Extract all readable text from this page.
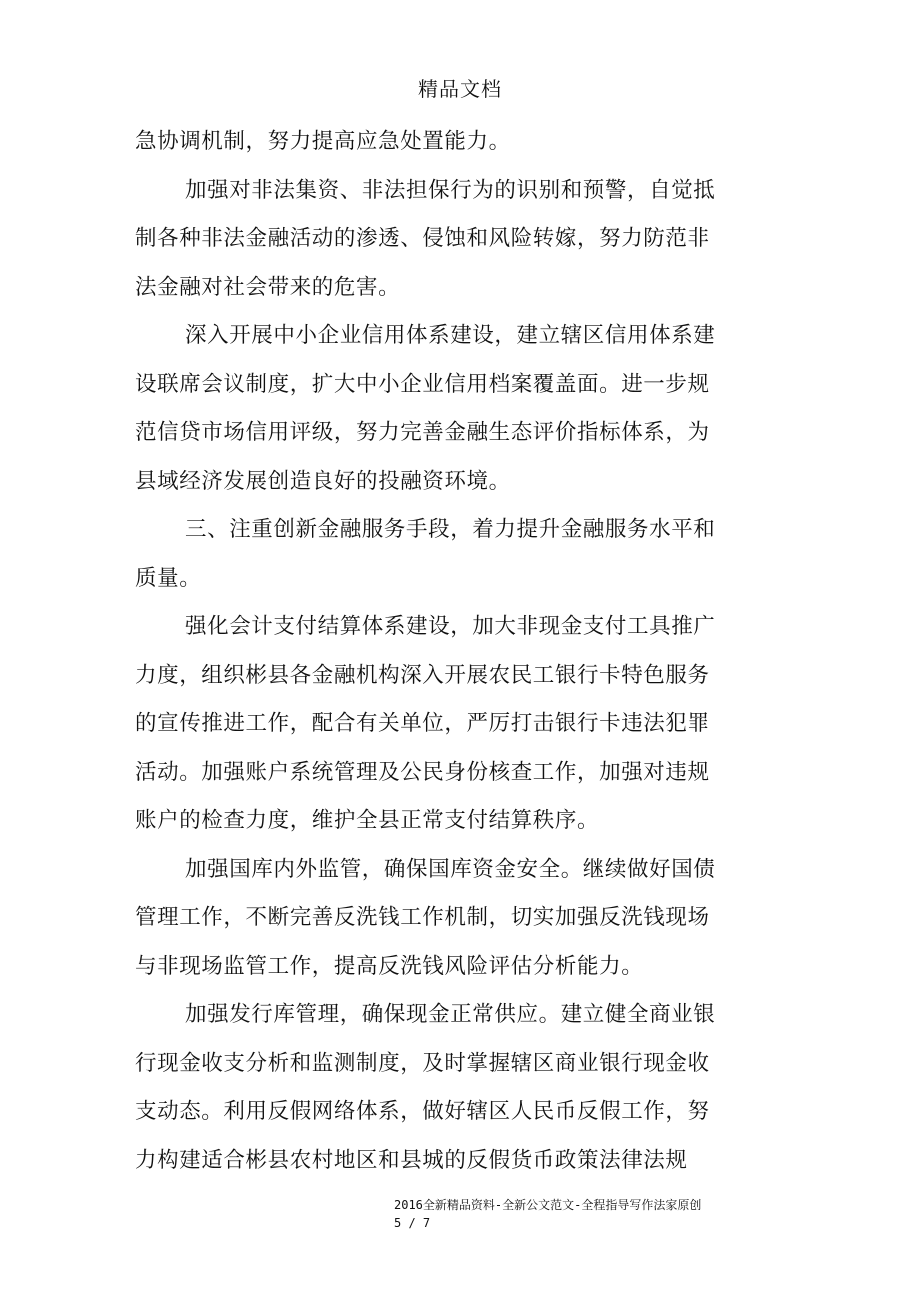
精品文档
急协调机制，努力提高应急处置能力。
加强对非法集资、非法担保行为的识别和预警，自觉抵
制各种非法金融活动的渗透、侵蚀和风险转嫁，努力防范非
法金融对社会带来的危害。
深入开展中小企业信用体系建设，建立辖区信用体系建
设联席会议制度，扩大中小企业信用档案覆盖面。进一步规
范信贷市场信用评级，努力完善金融生态评价指标体系，为
县域经济发展创造良好的投融资环境。
三、注重创新金融服务手段，着力提升金融服务水平和
质量。
强化会计支付结算体系建设，加大非现金支付工具推广
力度，组织彬县各金融机构深入开展农民工银行卡特色服务
的宣传推进工作，配合有关单位，严厉打击银行卡违法犯罪
活动。加强账户系统管理及公民身份核查工作，加强对违规
账户的检查力度，维护全县正常支付结算秩序。
加强国库内外监管，确保国库资金安全。继续做好国债
管理工作，不断完善反洗钱工作机制，切实加强反洗钱现场
与非现场监管工作，提高反洗钱风险评估分析能力。
加强发行库管理，确保现金正常供应。建立健全商业银
行现金收支分析和监测制度，及时掌握辖区商业银行现金收
支动态。利用反假网络体系，做好辖区人民币反假工作，努
力构建适合彬县农村地区和县城的反假货币政策法律法规
2016全新精品资料-全新公文范文-全程指导写作法家原创
5 / 7
